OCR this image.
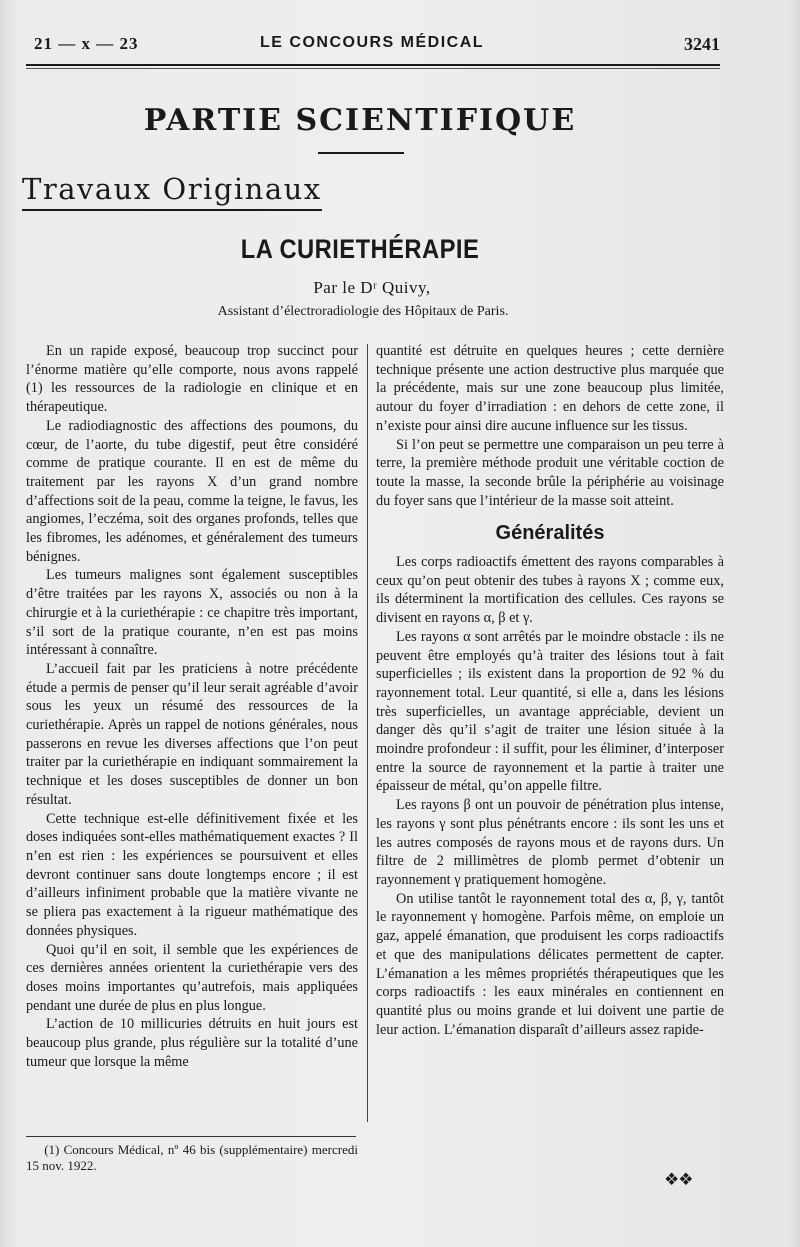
21 — x — 23	LE CONCOURS MÉDICAL	3241
PARTIE SCIENTIFIQUE
Travaux Originaux
LA CURIETHÉRAPIE
Par le Dʳ Quivy,
Assistant d’électroradiologie des Hôpitaux de Paris.

En un rapide exposé, beaucoup trop succinct pour l’énorme matière qu’elle comporte, nous avons rappelé (1) les ressources de la radiologie en clinique et en thérapeutique.

Le radiodiagnostic des affections des poumons, du cœur, de l’aorte, du tube digestif, peut être considéré comme de pratique courante. Il en est de même du traitement par les rayons X d’un grand nombre d’affections soit de la peau, comme la teigne, le favus, les angiomes, l’eczéma, soit des organes profonds, telles que les fibromes, les adénomes, et généralement des tumeurs bénignes.

Les tumeurs malignes sont également susceptibles d’être traitées par les rayons X, associés ou non à la chirurgie et à la curiethérapie : ce chapitre très important, s’il sort de la pratique courante, n’en est pas moins intéressant à connaître.

L’accueil fait par les praticiens à notre précédente étude a permis de penser qu’il leur serait agréable d’avoir sous les yeux un résumé des ressources de la curiethérapie. Après un rappel de notions générales, nous passerons en revue les diverses affections que l’on peut traiter par la curiethérapie en indiquant sommairement la technique et les doses susceptibles de donner un bon résultat.

Cette technique est-elle définitivement fixée et les doses indiquées sont-elles mathématiquement exactes ? Il n’en est rien : les expériences se poursuivent et elles devront continuer sans doute longtemps encore ; il est d’ailleurs infiniment probable que la matière vivante ne se pliera pas exactement à la rigueur mathématique des données physiques.

Quoi qu’il en soit, il semble que les expériences de ces dernières années orientent la curiethérapie vers des doses moins importantes qu’autrefois, mais appliquées pendant une durée de plus en plus longue.

L’action de 10 millicuries détruits en huit jours est beaucoup plus grande, plus régulière sur la totalité d’une tumeur que lorsque la même

quantité est détruite en quelques heures ; cette dernière technique présente une action destructive plus marquée que la précédente, mais sur une zone beaucoup plus limitée, autour du foyer d’irradiation : en dehors de cette zone, il n’existe pour ainsi dire aucune influence sur les tissus.

Si l’on peut se permettre une comparaison un peu terre à terre, la première méthode produit une véritable coction de toute la masse, la seconde brûle la périphérie au voisinage du foyer sans que l’intérieur de la masse soit atteint.

Généralités

Les corps radioactifs émettent des rayons comparables à ceux qu’on peut obtenir des tubes à rayons X ; comme eux, ils déterminent la mortification des cellules. Ces rayons se divisent en rayons α, β et γ.

Les rayons α sont arrêtés par le moindre obstacle : ils ne peuvent être employés qu’à traiter des lésions tout à fait superficielles ; ils existent dans la proportion de 92 % du rayonnement total. Leur quantité, si elle a, dans les lésions très superficielles, un avantage appréciable, devient un danger dès qu’il s’agit de traiter une lésion située à la moindre profondeur : il suffit, pour les éliminer, d’interposer entre la source de rayonnement et la partie à traiter une épaisseur de métal, qu’on appelle filtre.

Les rayons β ont un pouvoir de pénétration plus intense, les rayons γ sont plus pénétrants encore : ils sont les uns et les autres composés de rayons mous et de rayons durs. Un filtre de 2 millimètres de plomb permet d’obtenir un rayonnement γ pratiquement homogène.

On utilise tantôt le rayonnement total des α, β, γ, tantôt le rayonnement γ homogène. Parfois même, on emploie un gaz, appelé émanation, que produisent les corps radioactifs et que des manipulations délicates permettent de capter. L’émanation a les mêmes propriétés thérapeutiques que les corps radioactifs : les eaux minérales en contiennent en quantité plus ou moins grande et lui doivent une partie de leur action. L’émanation disparaît d’ailleurs assez rapide-

(1) Concours Médical, nº 46 bis (supplémentaire) mercredi 15 nov. 1922.

❖❖
